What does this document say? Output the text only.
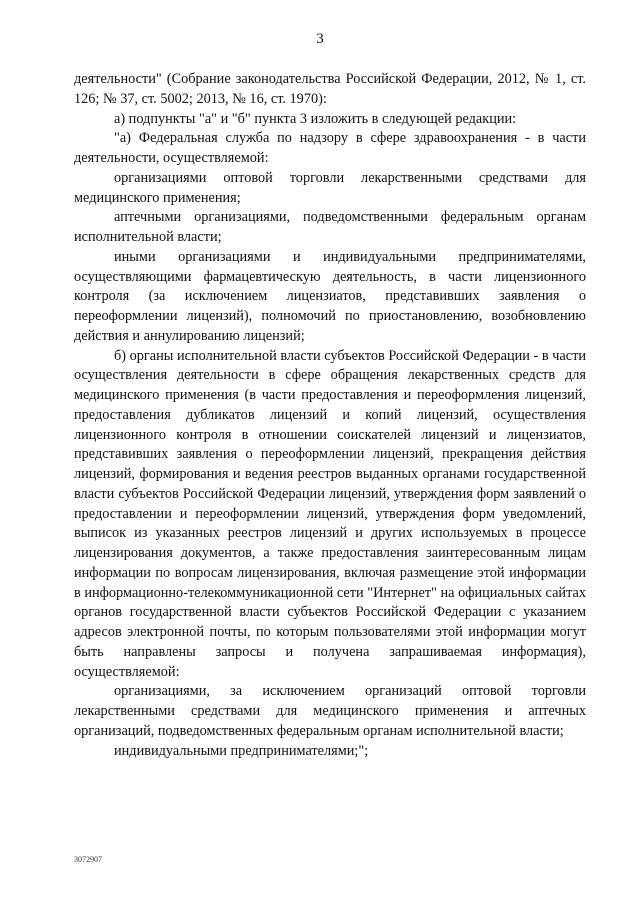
3

деятельности" (Собрание законодательства Российской Федерации, 2012, № 1, ст. 126; № 37, ст. 5002; 2013, № 16, ст. 1970):

а) подпункты "а" и "б" пункта 3 изложить в следующей редакции:

"а) Федеральная служба по надзору в сфере здравоохранения - в части деятельности, осуществляемой:

организациями оптовой торговли лекарственными средствами для медицинского применения;

аптечными организациями, подведомственными федеральным органам исполнительной власти;

иными организациями и индивидуальными предпринимателями, осуществляющими фармацевтическую деятельность, в части лицензионного контроля (за исключением лицензиатов, представивших заявления о переоформлении лицензий), полномочий по приостановлению, возобновлению действия и аннулированию лицензий;

б) органы исполнительной власти субъектов Российской Федерации - в части осуществления деятельности в сфере обращения лекарственных средств для медицинского применения (в части предоставления и переоформления лицензий, предоставления дубликатов лицензий и копий лицензий, осуществления лицензионного контроля в отношении соискателей лицензий и лицензиатов, представивших заявления о переоформлении лицензий, прекращения действия лицензий, формирования и ведения реестров выданных органами государственной власти субъектов Российской Федерации лицензий, утверждения форм заявлений о предоставлении и переоформлении лицензий, утверждения форм уведомлений, выписок из указанных реестров лицензий и других используемых в процессе лицензирования документов, а также предоставления заинтересованным лицам информации по вопросам лицензирования, включая размещение этой информации в информационно-телекоммуникационной сети "Интернет" на официальных сайтах органов государственной власти субъектов Российской Федерации с указанием адресов электронной почты, по которым пользователями этой информации могут быть направлены запросы и получена запрашиваемая информация), осуществляемой:

организациями, за исключением организаций оптовой торговли лекарственными средствами для медицинского применения и аптечных организаций, подведомственных федеральным органам исполнительной власти;

индивидуальными предпринимателями;";

3072907
